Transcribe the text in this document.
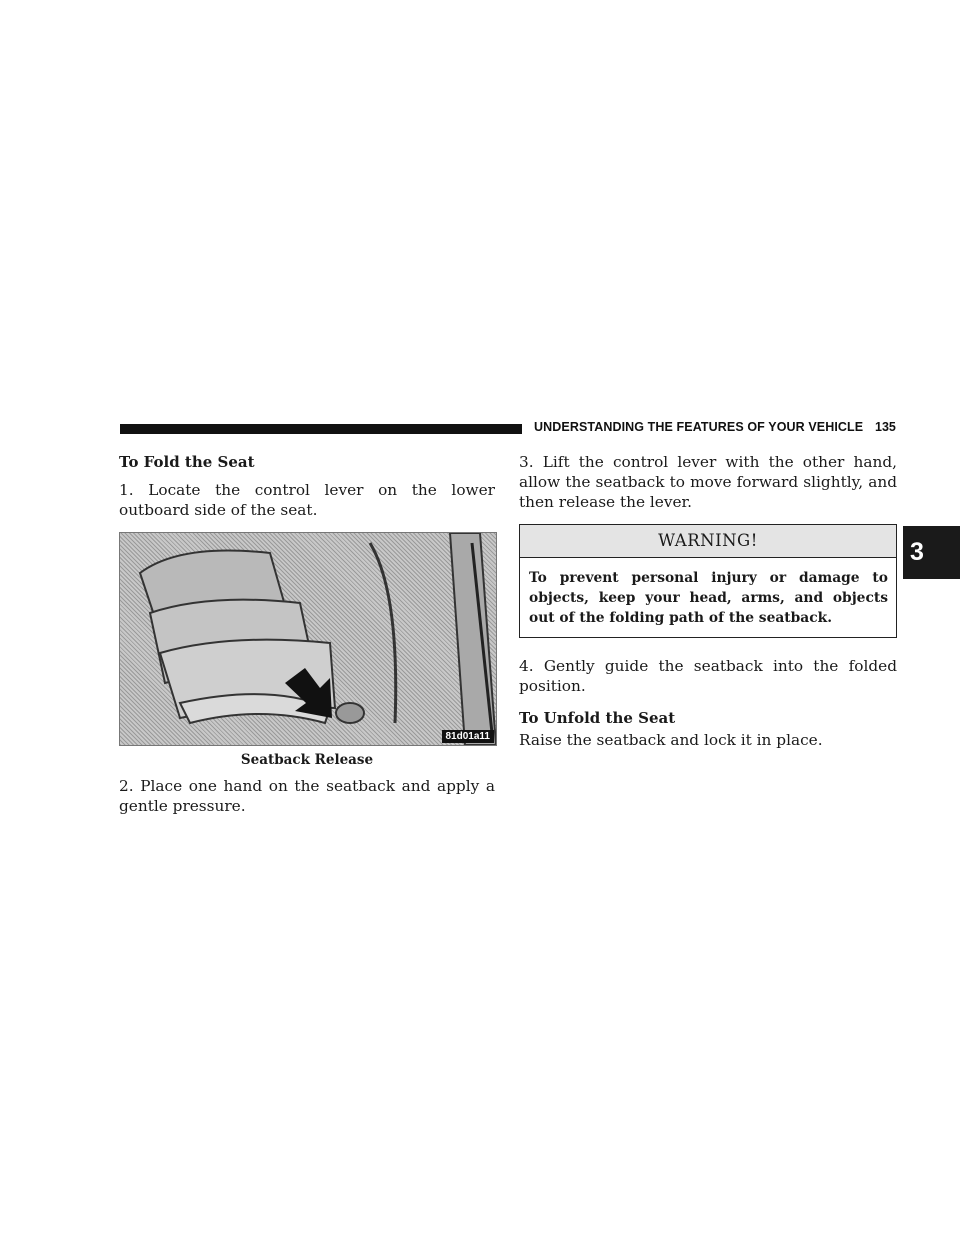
UNDERSTANDING THE FEATURES OF YOUR VEHICLE 135
To Fold the Seat

1. Locate the control lever on the lower outboard side of the seat.

81d01a11
Seatback Release

2. Place one hand on the seatback and apply a gentle pressure.

3. Lift the control lever with the other hand, allow the seatback to move forward slightly, and then release the lever.

WARNING!
To prevent personal injury or damage to objects, keep your head, arms, and objects out of the folding path of the seatback.

4. Gently guide the seatback into the folded position.

To Unfold the Seat

Raise the seatback and lock it in place.

3
